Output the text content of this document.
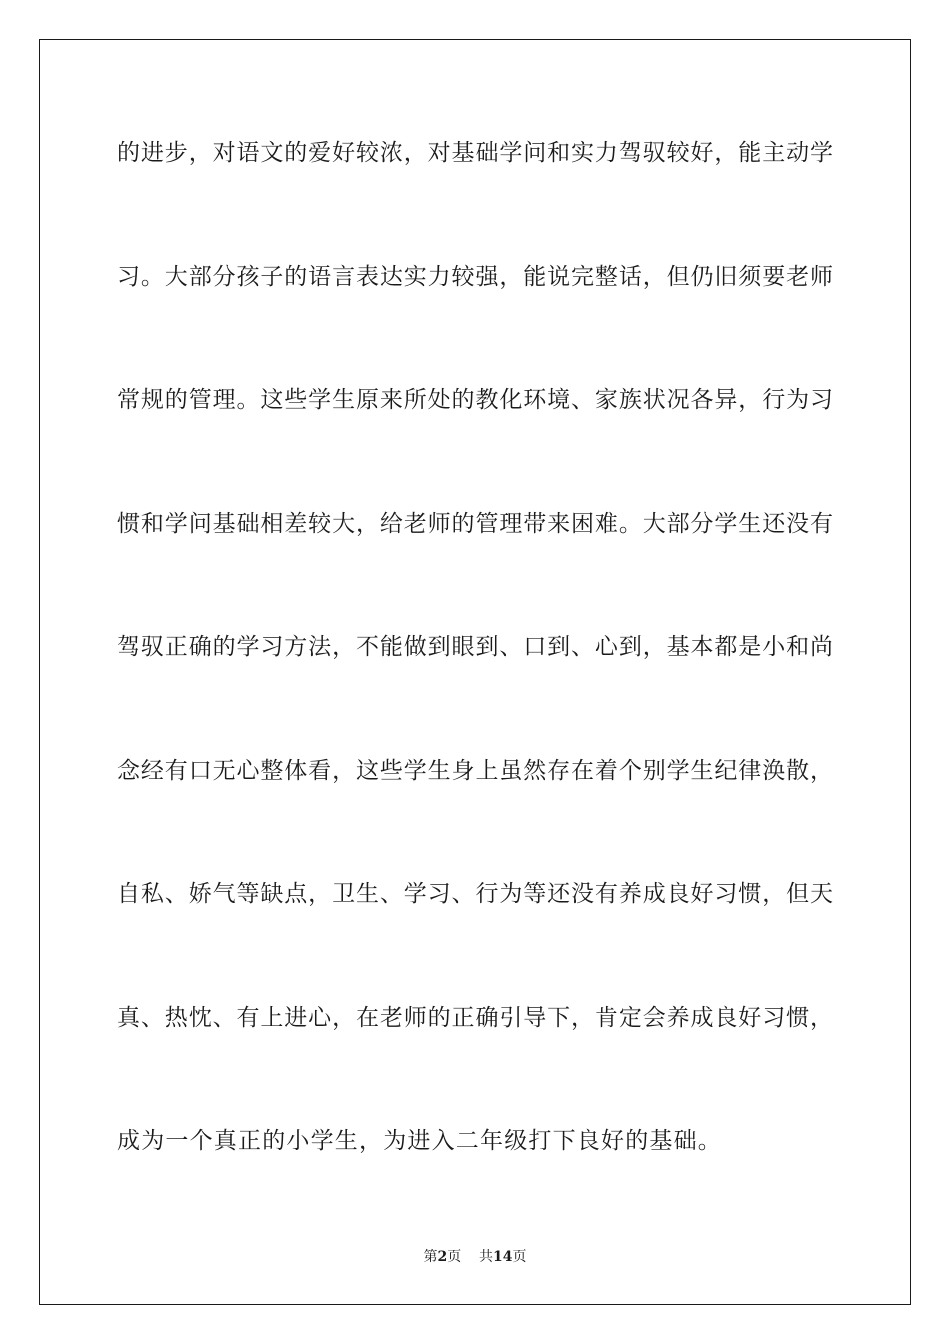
的进步，对语文的爱好较浓，对基础学问和实力驾驭较好，能主动学
习。大部分孩子的语言表达实力较强，能说完整话，但仍旧须要老师
常规的管理。这些学生原来所处的教化环境、家族状况各异，行为习
惯和学问基础相差较大，给老师的管理带来困难。大部分学生还没有
驾驭正确的学习方法，不能做到眼到、口到、心到，基本都是小和尚
念经有口无心整体看，这些学生身上虽然存在着个别学生纪律涣散，
自私、娇气等缺点，卫生、学习、行为等还没有养成良好习惯，但天
真、热忱、有上进心，在老师的正确引导下，肯定会养成良好习惯，
成为一个真正的小学生，为进入二年级打下良好的基础。
第2页 共14页
